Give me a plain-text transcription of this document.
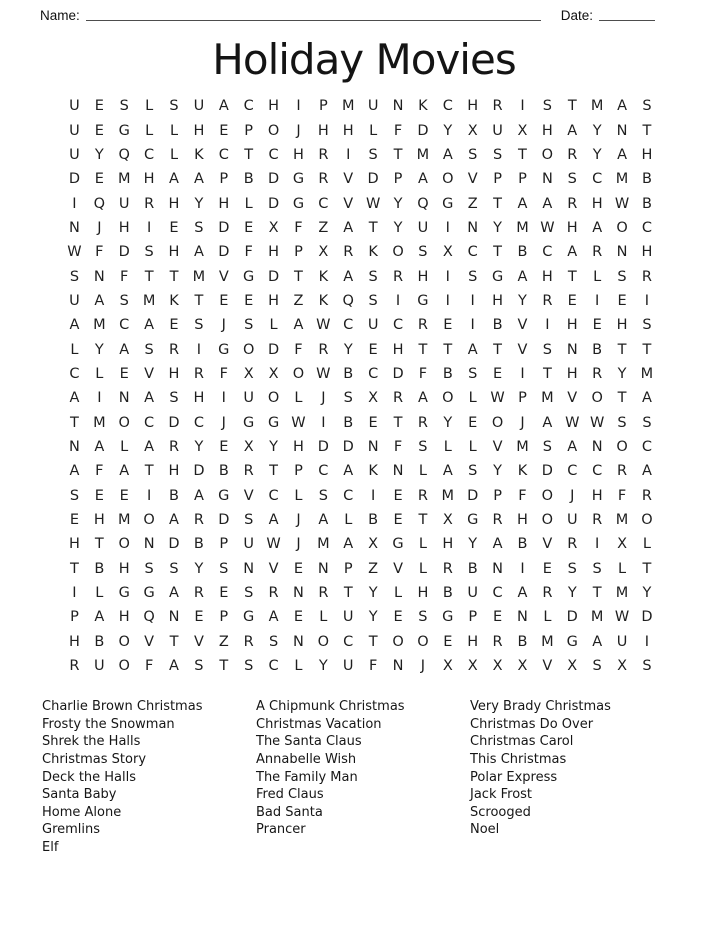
Name:	Date:
Holiday Movies
U	E	S	L	S	U	A	C H	I	P M U N	K	C H R	I	S	T M A	S
U	E	G	L	L	H	E	P	O	J	H H	L	F	D	Y	X	U	X H A	Y	N	T
U	Y	Q C	L	K	C	T	C H R	I	S	T M A	S	S	T	O R	Y	A H
D	E M H A	A	P	B D G R	V D	P	A O V	P	P	N	S	C M B
I	Q U	R H	Y	H	L	D G C	V W Y	Q G Z	T	A	A	R H W B
N	J	H	I	E	S	D	E	X	F	Z	A	T	Y	U	I	N	Y M W H A O C
W F	D	S	H A D	F	H	P	X	R	K O	S	X	C	T	B	C	A	R N H
S	N	F	T	T M V G D	T	K	A	S	R H	I	S	G A H	T	L	S	R
U	A	S M K	T	E	E	H Z	K Q	S	I	G	I	I	H	Y	R	E	I	E	I
A M C	A	E	S	J	S	L	A W C	U	C	R	E	I	B	V	I	H	E	H	S
L	Y	A	S	R	I	G O D	F	R	Y	E	H	T	T	A	T	V	S	N B	T	T
C	L	E	V H R	F	X	X O W B	C D	F	B	S	E	I	T	H R	Y M
A	I	N	A	S	H	I	U O	L	J	S	X	R	A O	L W P M V O	T	A
T M O C D C	J	G G W	I	B	E	T	R	Y	E	O	J	A W W S	S
N	A	L	A	R	Y	E	X	Y	H D D N	F	S	L	L	V M S	A	N O C
A	F	A	T	H D B	R	T	P	C	A	K	N	L	A	S	Y	K	D C	C	R	A
S	E	E	I	B	A G V	C	L	S	C	I	E	R M D	P	F	O	J	H	F	R
E	H M O A	R D	S	A	J	A	L	B	E	T	X G R H O U	R M O
H	T	O N D B	P	U W	J	M A	X G	L	H	Y	A	B	V	R	I	X	L
T	B H	S	S	Y	S	N	V	E	N	P	Z	V	L	R	B N	I	E	S	S	L	T
I	L	G G A	R	E	S	R N R	T	Y	L	H B	U	C	A	R	Y	T M Y
P	A H Q N	E	P	G A	E	L	U	Y	E	S	G	P	E	N	L	D M W D
H B O V	T	V	Z	R	S	N O C	T	O O	E	H R	B M G A	U	I
R	U O	F	A	S	T	S	C	L	Y	U	F	N	J	X	X	X	X	V	X	S	X	S
Charlie Brown Christmas
Frosty the Snowman
Shrek the Halls
Christmas Story
Deck the Halls
Santa Baby
Home Alone
Gremlins
Elf
A Chipmunk Christmas
Christmas Vacation
The Santa Claus
Annabelle Wish
The Family Man
Fred Claus
Bad Santa
Prancer
Very Brady Christmas
Christmas Do Over
Christmas Carol
This Christmas
Polar Express
Jack Frost
Scrooged
Noel
